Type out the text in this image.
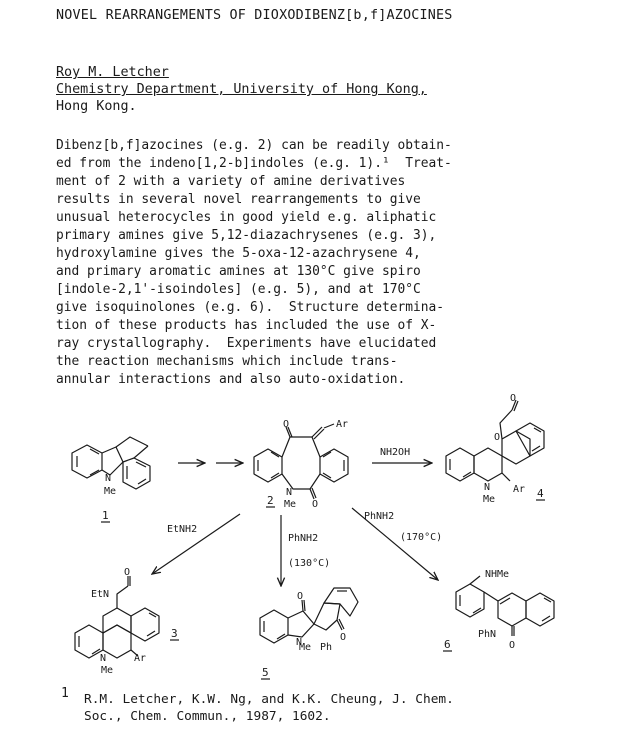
NOVEL REARRANGEMENTS OF DIOXODIBENZ[b,f]AZOCINES
Roy M. Letcher
Chemistry Department, University of Hong Kong,
Hong Kong.
Dibenz[b,f]azocines (e.g. 2) can be readily obtain-
ed from the indeno[1,2-b]indoles (e.g. 1).¹  Treat-
ment of 2 with a variety of amine derivatives
results in several novel rearrangements to give
unusual heterocycles in good yield e.g. aliphatic
primary amines give 5,12-diazachrysenes (e.g. 3),
hydroxylamine gives the 5-oxa-12-azachrysene 4,
and primary aromatic amines at 130°C give spiro
[indole-2,1'-isoindoles] (e.g. 5), and at 170°C
give isoquinolones (e.g. 6).  Structure determina-
tion of these products has included the use of X-
ray crystallography.  Experiments have elucidated
the reaction mechanisms which include trans-
annular interactions and also auto-oxidation.
N
Me
1
O	Ar
N
Me O
2
NH2OH
O
O
N
Me
Ar 4
EtNH2
O
EtN
N
Me
Ar
3
PhNH2
(130°C)
O
O
N
Me Ph
5
PhNH2
(170°C)
NHMe
PhN
O
6
1 R.M. Letcher, K.W. Ng, and K.K. Cheung, J. Chem.
Soc., Chem. Commun., 1987, 1602.
